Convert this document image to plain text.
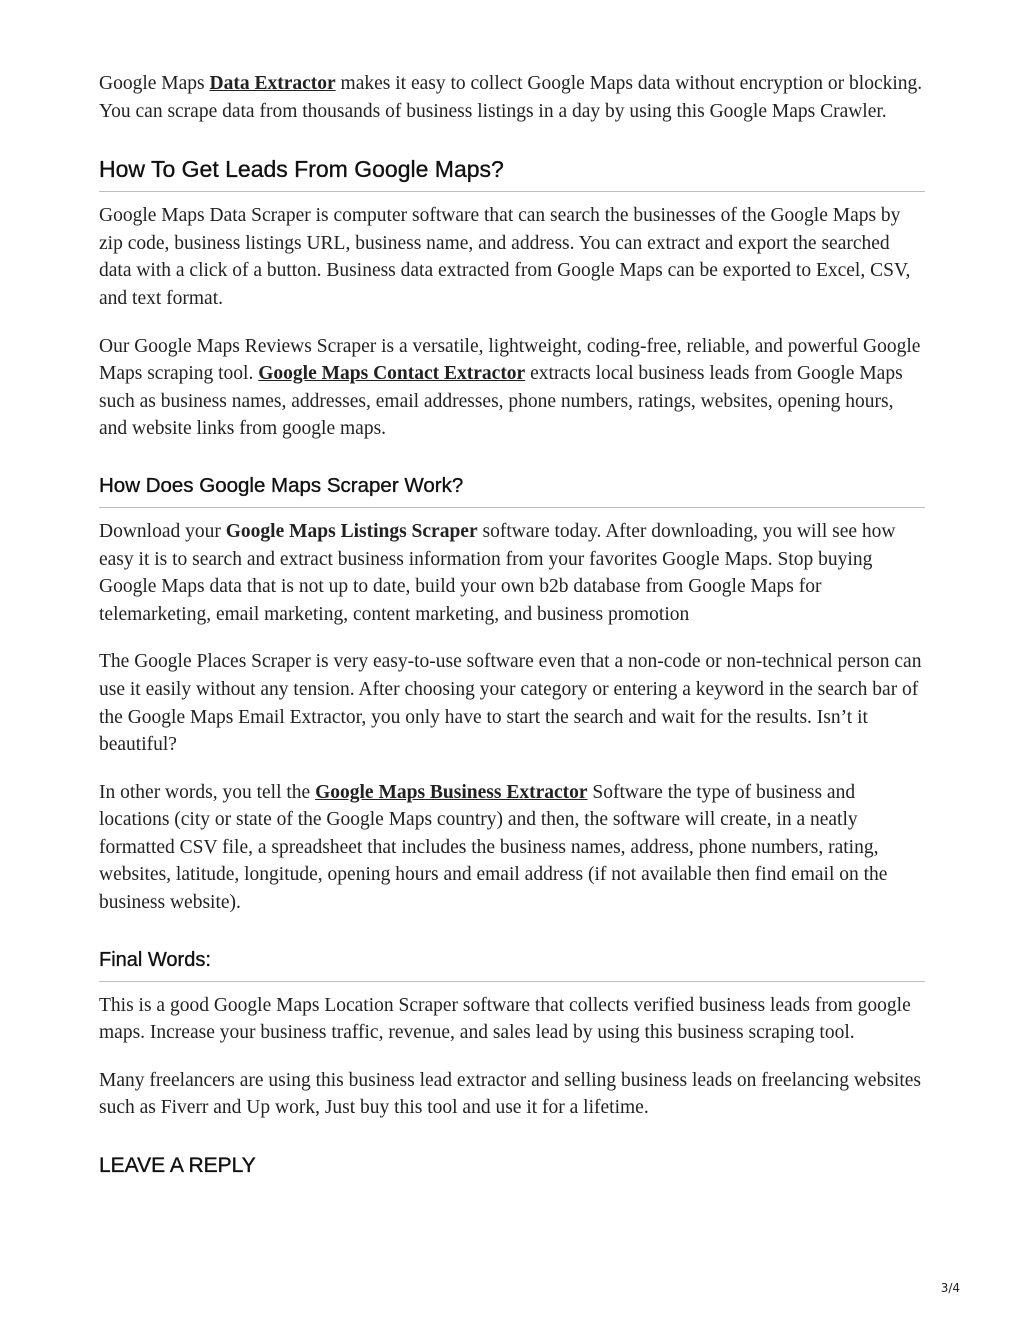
Google Maps Data Extractor makes it easy to collect Google Maps data without encryption or blocking. You can scrape data from thousands of business listings in a day by using this Google Maps Crawler.

How To Get Leads From Google Maps?

Google Maps Data Scraper is computer software that can search the businesses of the Google Maps by zip code, business listings URL, business name, and address. You can extract and export the searched data with a click of a button. Business data extracted from Google Maps can be exported to Excel, CSV, and text format.

Our Google Maps Reviews Scraper is a versatile, lightweight, coding-free, reliable, and powerful Google Maps scraping tool. Google Maps Contact Extractor extracts local business leads from Google Maps such as business names, addresses, email addresses, phone numbers, ratings, websites, opening hours, and website links from google maps.

How Does Google Maps Scraper Work?

Download your Google Maps Listings Scraper software today. After downloading, you will see how easy it is to search and extract business information from your favorites Google Maps. Stop buying Google Maps data that is not up to date, build your own b2b database from Google Maps for telemarketing, email marketing, content marketing, and business promotion

The Google Places Scraper is very easy-to-use software even that a non-code or non-technical person can use it easily without any tension. After choosing your category or entering a keyword in the search bar of the Google Maps Email Extractor, you only have to start the search and wait for the results. Isn’t it beautiful?

In other words, you tell the Google Maps Business Extractor Software the type of business and locations (city or state of the Google Maps country) and then, the software will create, in a neatly formatted CSV file, a spreadsheet that includes the business names, address, phone numbers, rating, websites, latitude, longitude, opening hours and email address (if not available then find email on the business website).

Final Words:

This is a good Google Maps Location Scraper software that collects verified business leads from google maps. Increase your business traffic, revenue, and sales lead by using this business scraping tool.

Many freelancers are using this business lead extractor and selling business leads on freelancing websites such as Fiverr and Up work, Just buy this tool and use it for a lifetime.

LEAVE A REPLY
3/4
